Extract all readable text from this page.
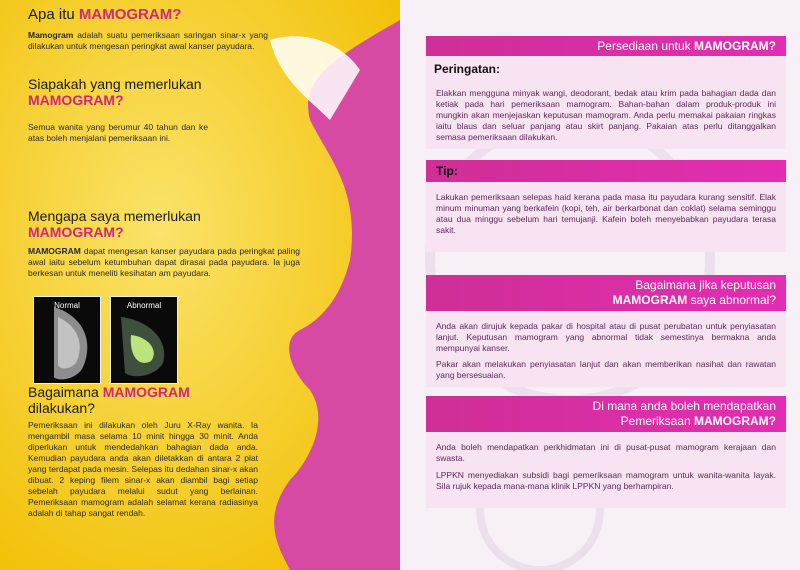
Apa itu MAMOGRAM?

Mamogram adalah suatu pemeriksaan saringan sinar-x yang dilakukan untuk mengesan peringkat awal kanser payudara.

Siapakah yang memerlukan
MAMOGRAM?

Semua wanita yang berumur 40 tahun dan ke atas boleh menjalani pemeriksaan ini.

Mengapa saya memerlukan
MAMOGRAM?

MAMOGRAM dapat mengesan kanser payudara pada peringkat paling awal iaitu sebelum ketumbuhan dapat dirasai pada payudara. Ia juga berkesan untuk meneliti kesihatan am payudara.

Normal	Abnormal
Bagaimana MAMOGRAM
dilakukan?

Pemeriksaan ini dilakukan oleh Juru X-Ray wanita. Ia mengambil masa selama 10 minit hingga 30 minit. Anda diperlukan untuk mendedahkan bahagian dada anda. Kemudian payudara anda akan diletakkan di antara 2 plat yang terdapat pada mesin. Selepas itu dedahan sinar-x akan dibuat. 2 keping filem sinar-x akan diambil bagi setiap sebelah payudara melalui sudut yang berlainan. Pemeriksaan mamogram adalah selamat kerana radiasinya adalah di tahap sangat rendah.

Persediaan untuk MAMOGRAM?
Peringatan:

Elakkan mengguna minyak wangi, deodorant, bedak atau krim pada bahagian dada dan ketiak pada hari pemeriksaan mamogram. Bahan-bahan dalam produk-produk ini mungkin akan menjejaskan keputusan mamogram. Anda perlu memakai pakaian ringkas iaitu blaus dan seluar panjang atau skirt panjang. Pakaian atas perlu ditanggalkan semasa pemeriksaan dilakukan.

Tip:

Lakukan pemeriksaan selepas haid kerana pada masa itu payudara kurang sensitif. Elak minum minuman yang berkafein (kopi, teh, air berkarbonat dan coklat) selama seminggu atau dua minggu sebelum hari temujanji. Kafein boleh menyebabkan payudara terasa sakit.

Bagaimana jika keputusan
MAMOGRAM saya abnormal?

Anda akan dirujuk kepada pakar di hospital atau di pusat perubatan untuk penyiasatan lanjut. Keputusan mamogram yang abnormal tidak semestinya bermakna anda mempunyai kanser.

Pakar akan melakukan penyiasatan lanjut dan akan memberikan nasihat dan rawatan yang bersesuaian.

Di mana anda boleh mendapatkan
Pemeriksaan MAMOGRAM?

Anda boleh mendapatkan perkhidmatan ini di pusat-pusat mamogram kerajaan dan swasta.

LPPKN menyediakan subsidi bagi pemeriksaan mamogram untuk wanita-wanita layak. Sila rujuk kepada mana-mana klinik LPPKN yang berhampiran.
